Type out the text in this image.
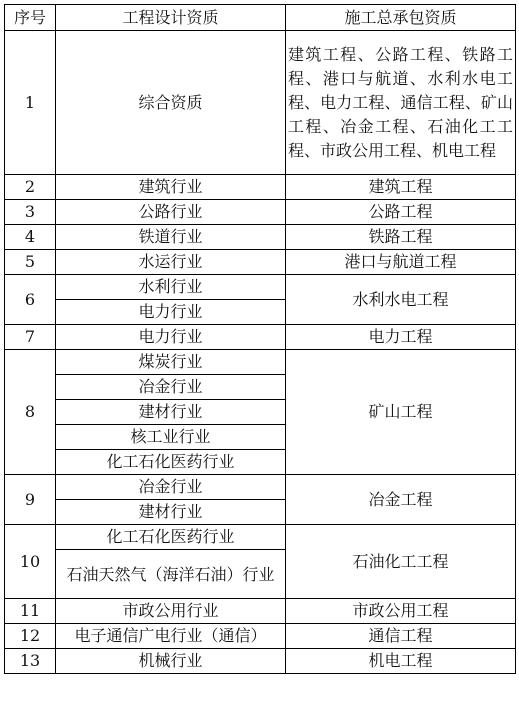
序号	工程设计资质	施工总承包资质
1	综合资质	建筑工程、公路工程、铁路工程、港口与航道、水利水电工程、电力工程、通信工程、矿山工程、冶金工程、石油化工工程、市政公用工程、机电工程
2	建筑行业	建筑工程
3	公路行业	公路工程
4	铁道行业	铁路工程
5	水运行业	港口与航道工程
6	水利行业	水利水电工程
	电力行业	
7	电力行业	电力工程
8	煤炭行业	矿山工程
	冶金行业	
	建材行业	
	核工业行业	
	化工石化医药行业	
9	冶金行业	冶金工程
	建材行业	
10	化工石化医药行业	石油化工工程
	石油天然气（海洋石油）行业	
11	市政公用行业	市政公用工程
12	电子通信广电行业（通信）	通信工程
13	机械行业	机电工程
